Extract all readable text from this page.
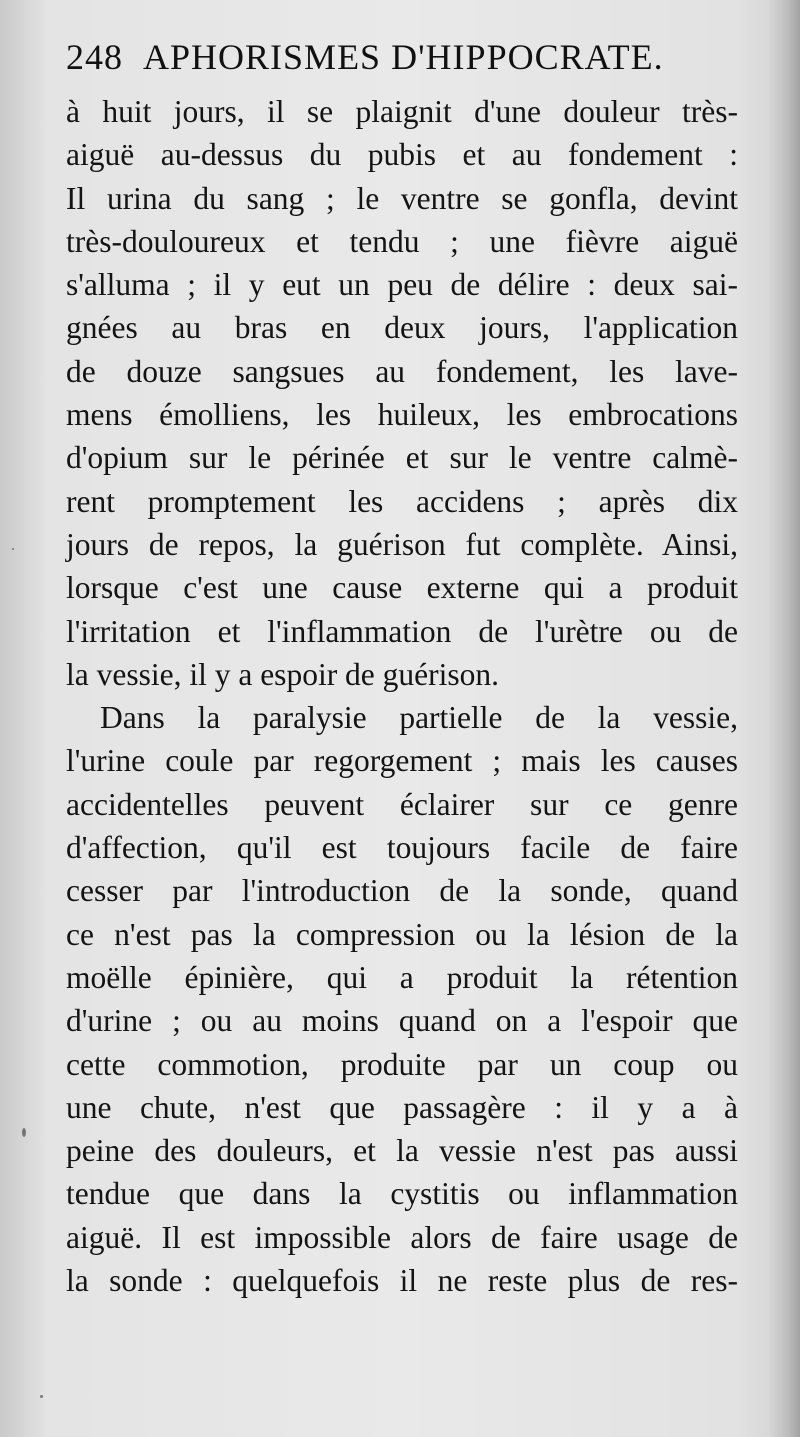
248 APHORISMES D'HIPPOCRATE.
à huit jours, il se plaignit d'une douleur très-
aiguë au-dessus du pubis et au fondement :
Il urina du sang ; le ventre se gonfla, devint
très-douloureux et tendu ; une fièvre aiguë
s'alluma ; il y eut un peu de délire : deux sai-
gnées au bras en deux jours, l'application
de douze sangsues au fondement, les lave-
mens émolliens, les huileux, les embrocations
d'opium sur le périnée et sur le ventre calmè-
rent promptement les accidens ; après dix
jours de repos, la guérison fut complète. Ainsi,
lorsque c'est une cause externe qui a produit
l'irritation et l'inflammation de l'urètre ou de
la vessie, il y a espoir de guérison.
Dans la paralysie partielle de la vessie,
l'urine coule par regorgement ; mais les causes
accidentelles peuvent éclairer sur ce genre
d'affection, qu'il est toujours facile de faire
cesser par l'introduction de la sonde, quand
ce n'est pas la compression ou la lésion de la
moëlle épinière, qui a produit la rétention
d'urine ; ou au moins quand on a l'espoir que
cette commotion, produite par un coup ou
une chute, n'est que passagère : il y a à
peine des douleurs, et la vessie n'est pas aussi
tendue que dans la cystitis ou inflammation
aiguë. Il est impossible alors de faire usage de
la sonde : quelquefois il ne reste plus de res-
